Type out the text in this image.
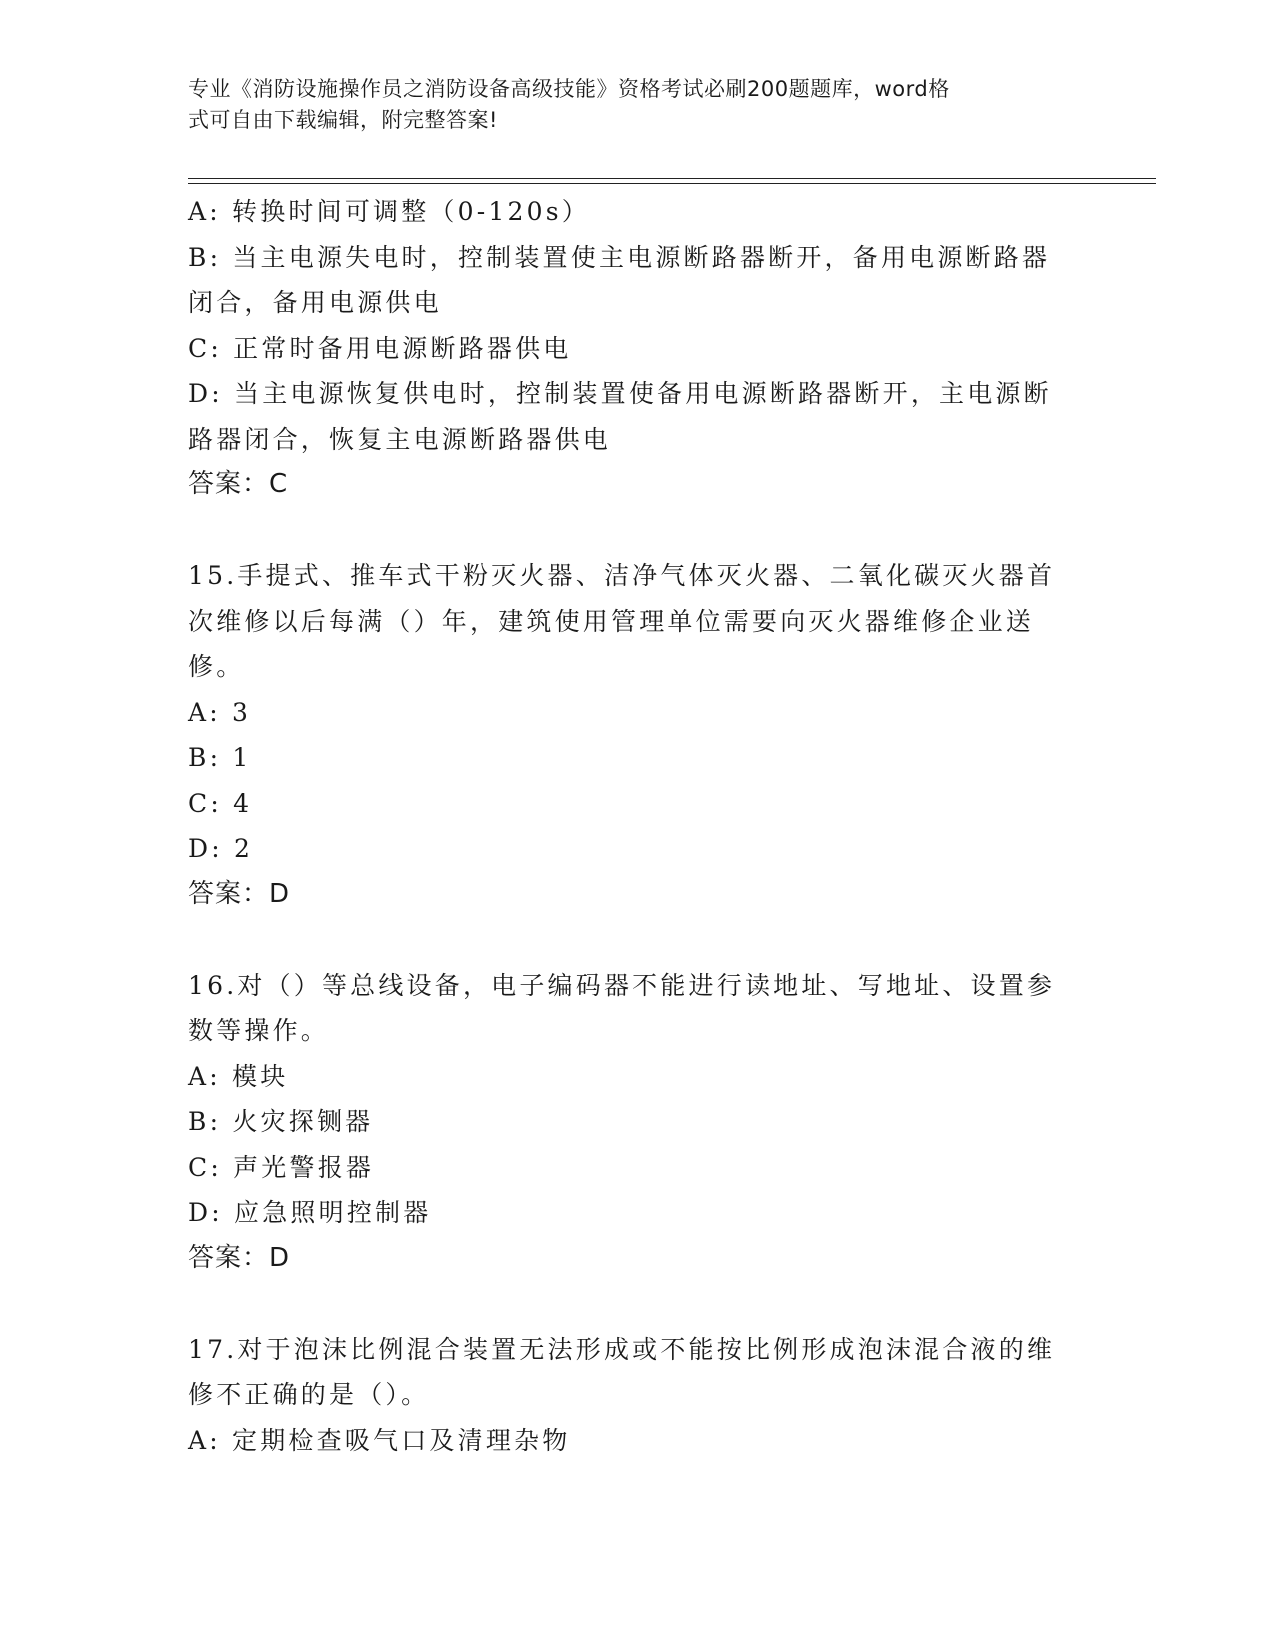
专业《消防设施操作员之消防设备高级技能》资格考试必刷200题题库，word格
式可自由下载编辑，附完整答案!
A: 转换时间可调整（0-120s）
B: 当主电源失电时，控制装置使主电源断路器断开，备用电源断路器
闭合，备用电源供电
C: 正常时备用电源断路器供电
D: 当主电源恢复供电时，控制装置使备用电源断路器断开，主电源断
路器闭合，恢复主电源断路器供电
答案：C
15.手提式、推车式干粉灭火器、洁净气体灭火器、二氧化碳灭火器首
次维修以后每满（）年，建筑使用管理单位需要向灭火器维修企业送
修。
A: 3
B: 1
C: 4
D: 2
答案：D
16.对（）等总线设备，电子编码器不能进行读地址、写地址、设置参
数等操作。
A: 模块
B: 火灾探铡器
C: 声光警报器
D: 应急照明控制器
答案：D
17.对于泡沫比例混合装置无法形成或不能按比例形成泡沫混合液的维
修不正确的是（）。
A: 定期检查吸气口及清理杂物
